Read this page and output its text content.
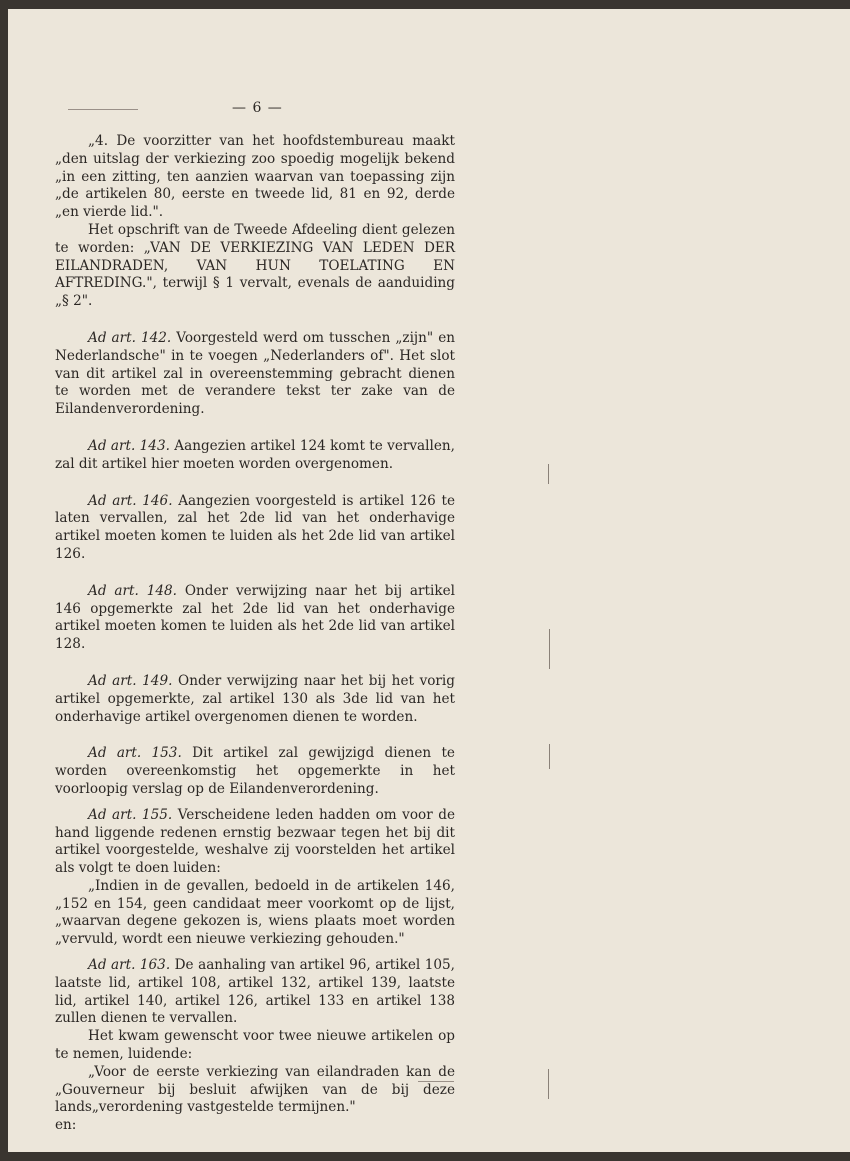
— 6 —

„4. De voorzitter van het hoofdstembureau maakt „den uitslag der verkiezing zoo spoedig mogelijk bekend „in een zitting, ten aanzien waarvan van toepassing zijn „de artikelen 80, eerste en tweede lid, 81 en 92, derde „en vierde lid.".

Het opschrift van de Tweede Afdeeling dient gelezen te worden: „VAN DE VERKIEZING VAN LEDEN DER EILANDRADEN, VAN HUN TOELATING EN AFTREDING.", terwijl § 1 vervalt, evenals de aanduiding „§ 2".

Ad art. 142. Voorgesteld werd om tusschen „zijn" en Nederlandsche" in te voegen „Nederlanders of". Het slot van dit artikel zal in overeenstemming gebracht dienen te worden met de verandere tekst ter zake van de Eilandenverordening.

Ad art. 143. Aangezien artikel 124 komt te vervallen, zal dit artikel hier moeten worden overgenomen.

Ad art. 146. Aangezien voorgesteld is artikel 126 te laten vervallen, zal het 2de lid van het onderhavige artikel moeten komen te luiden als het 2de lid van artikel 126.

Ad art. 148. Onder verwijzing naar het bij artikel 146 opgemerkte zal het 2de lid van het onderhavige artikel moeten komen te luiden als het 2de lid van artikel 128.

Ad art. 149. Onder verwijzing naar het bij het vorig artikel opgemerkte, zal artikel 130 als 3de lid van het onderhavige artikel overgenomen dienen te worden.

Ad art. 153. Dit artikel zal gewijzigd dienen te worden overeenkomstig het opgemerkte in het voorloopig verslag op de Eilandenverordening.

Ad art. 155. Verscheidene leden hadden om voor de hand liggende redenen ernstig bezwaar tegen het bij dit artikel voorgestelde, weshalve zij voorstelden het artikel als volgt te doen luiden:

„Indien in de gevallen, bedoeld in de artikelen 146, „152 en 154, geen candidaat meer voorkomt op de lijst, „waarvan degene gekozen is, wiens plaats moet worden „vervuld, wordt een nieuwe verkiezing gehouden."

Ad art. 163. De aanhaling van artikel 96, artikel 105, laatste lid, artikel 108, artikel 132, artikel 139, laatste lid, artikel 140, artikel 126, artikel 133 en artikel 138 zullen dienen te vervallen.

Het kwam gewenscht voor twee nieuwe artikelen op te nemen, luidende:

„Voor de eerste verkiezing van eilandraden kan de „Gouverneur bij besluit afwijken van de bij deze lands„verordening vastgestelde termijnen."

en:
